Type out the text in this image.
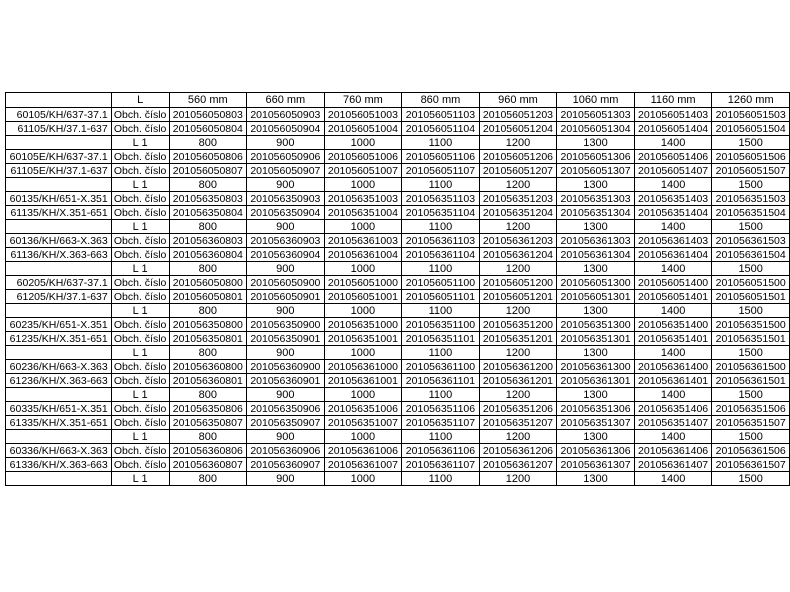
	L	560 mm	660 mm	760 mm	860 mm	960 mm	1060 mm	1160 mm	1260 mm
60105/KH/637-37.1	Obch. číslo	201056050803	201056050903	201056051003	201056051103	201056051203	201056051303	201056051403	201056051503
61105/KH/37.1-637	Obch. číslo	201056050804	201056050904	201056051004	201056051104	201056051204	201056051304	201056051404	201056051504
	L 1	800	900	1000	1100	1200	1300	1400	1500
60105E/KH/637-37.1	Obch. číslo	201056050806	201056050906	201056051006	201056051106	201056051206	201056051306	201056051406	201056051506
61105E/KH/37.1-637	Obch. číslo	201056050807	201056050907	201056051007	201056051107	201056051207	201056051307	201056051407	201056051507
	L 1	800	900	1000	1100	1200	1300	1400	1500
60135/KH/651-X.351	Obch. číslo	201056350803	201056350903	201056351003	201056351103	201056351203	201056351303	201056351403	201056351503
61135/KH/X.351-651	Obch. číslo	201056350804	201056350904	201056351004	201056351104	201056351204	201056351304	201056351404	201056351504
	L 1	800	900	1000	1100	1200	1300	1400	1500
60136/KH/663-X.363	Obch. číslo	201056360803	201056360903	201056361003	201056361103	201056361203	201056361303	201056361403	201056361503
61136/KH/X.363-663	Obch. číslo	201056360804	201056360904	201056361004	201056361104	201056361204	201056361304	201056361404	201056361504
	L 1	800	900	1000	1100	1200	1300	1400	1500
60205/KH/637-37.1	Obch. číslo	201056050800	201056050900	201056051000	201056051100	201056051200	201056051300	201056051400	201056051500
61205/KH/37.1-637	Obch. číslo	201056050801	201056050901	201056051001	201056051101	201056051201	201056051301	201056051401	201056051501
	L 1	800	900	1000	1100	1200	1300	1400	1500
60235/KH/651-X.351	Obch. číslo	201056350800	201056350900	201056351000	201056351100	201056351200	201056351300	201056351400	201056351500
61235/KH/X.351-651	Obch. číslo	201056350801	201056350901	201056351001	201056351101	201056351201	201056351301	201056351401	201056351501
	L 1	800	900	1000	1100	1200	1300	1400	1500
60236/KH/663-X.363	Obch. číslo	201056360800	201056360900	201056361000	201056361100	201056361200	201056361300	201056361400	201056361500
61236/KH/X.363-663	Obch. číslo	201056360801	201056360901	201056361001	201056361101	201056361201	201056361301	201056361401	201056361501
	L 1	800	900	1000	1100	1200	1300	1400	1500
60335/KH/651-X.351	Obch. číslo	201056350806	201056350906	201056351006	201056351106	201056351206	201056351306	201056351406	201056351506
61335/KH/X.351-651	Obch. číslo	201056350807	201056350907	201056351007	201056351107	201056351207	201056351307	201056351407	201056351507
	L 1	800	900	1000	1100	1200	1300	1400	1500
60336/KH/663-X.363	Obch. číslo	201056360806	201056360906	201056361006	201056361106	201056361206	201056361306	201056361406	201056361506
61336/KH/X.363-663	Obch. číslo	201056360807	201056360907	201056361007	201056361107	201056361207	201056361307	201056361407	201056361507
	L 1	800	900	1000	1100	1200	1300	1400	1500
